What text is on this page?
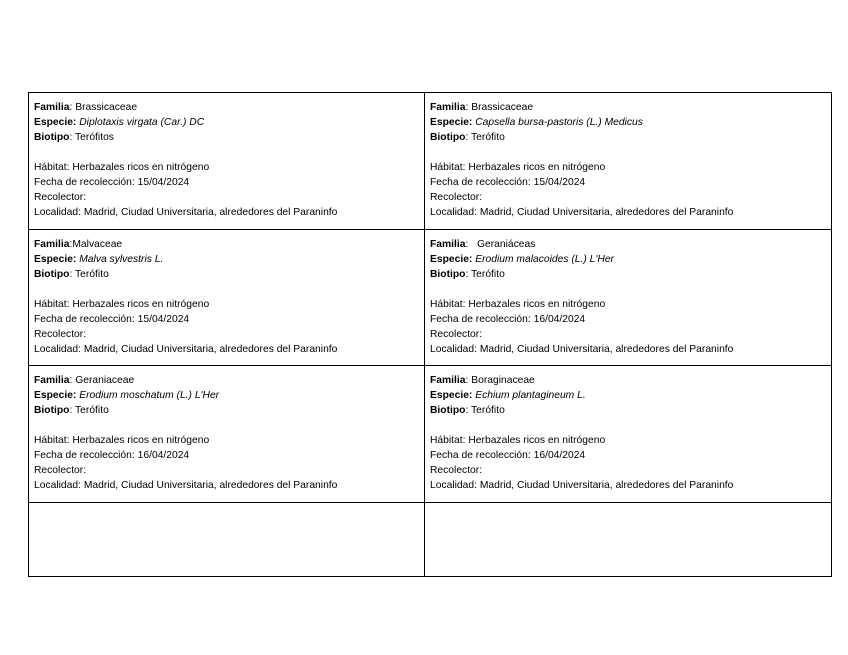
Familia: Brassicaceae
Especie: Diplotaxis virgata (Car.) DC
Biotipo: Terófitos
Hábitat: Herbazales ricos en nitrógeno
Fecha de recolección: 15/04/2024
Recolector:
Localidad: Madrid, Ciudad Universitaria, alrededores del Paraninfo
Familia: Brassicaceae
Especie: Capsella bursa-pastoris (L.) Medicus
Biotipo: Terófito
Hábitat: Herbazales ricos en nitrógeno
Fecha de recolección: 15/04/2024
Recolector:
Localidad: Madrid, Ciudad Universitaria, alrededores del Paraninfo
Familia:Malvaceae
Especie: Malva sylvestris L.
Biotipo: Terófito
Hábitat: Herbazales ricos en nitrógeno
Fecha de recolección: 15/04/2024
Recolector:
Localidad: Madrid, Ciudad Universitaria, alrededores del Paraninfo
Familia: Geraniáceas
Especie: Erodium malacoides (L.) L'Her
Biotipo: Terófito
Hábitat: Herbazales ricos en nitrógeno
Fecha de recolección: 16/04/2024
Recolector:
Localidad: Madrid, Ciudad Universitaria, alrededores del Paraninfo
Familia: Geraniaceae
Especie: Erodium moschatum (L.) L'Her
Biotipo: Terófito
Hábitat: Herbazales ricos en nitrógeno
Fecha de recolección: 16/04/2024
Recolector:
Localidad: Madrid, Ciudad Universitaria, alrededores del Paraninfo
Familia: Boraginaceae
Especie: Echium plantagineum L.
Biotipo: Terófito
Hábitat: Herbazales ricos en nitrógeno
Fecha de recolección: 16/04/2024
Recolector:
Localidad: Madrid, Ciudad Universitaria, alrededores del Paraninfo
